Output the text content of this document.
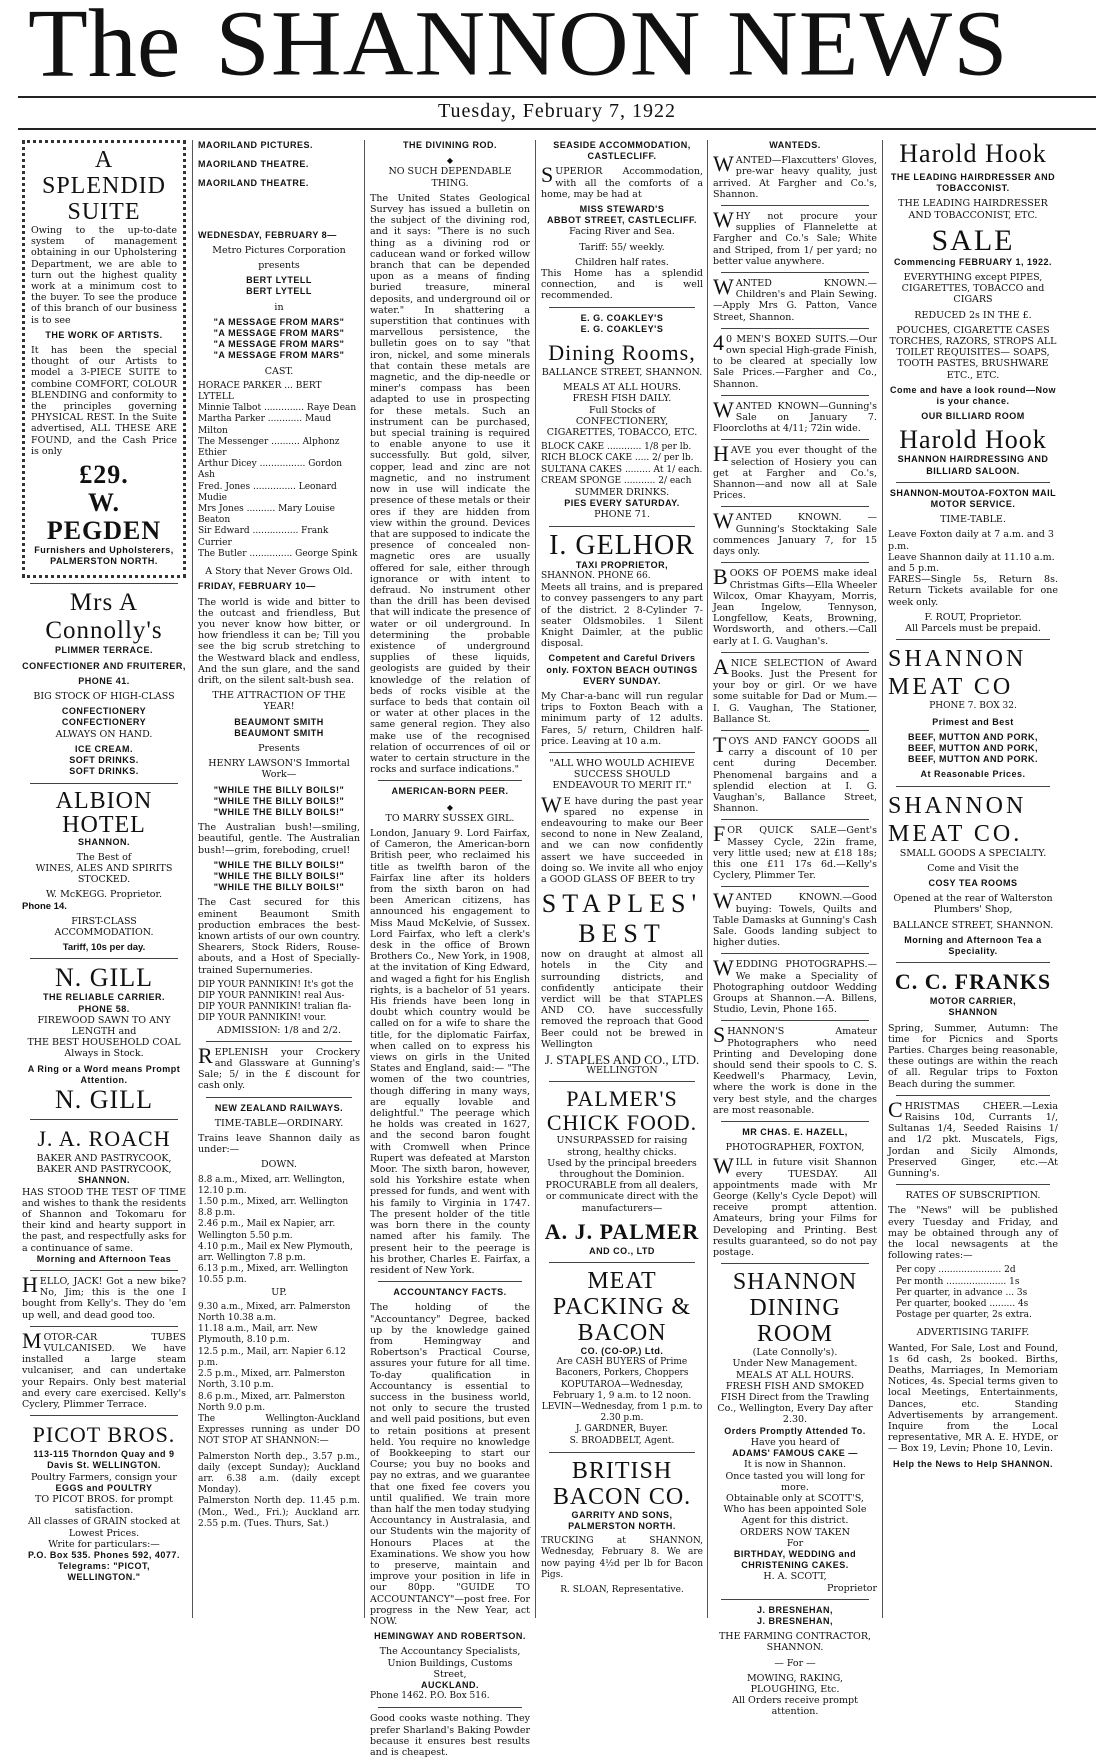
The SHANNON NEWS
Tuesday, February 7, 1922
A SPLENDID SUITE

Owing to the up-to-date system of management obtaining in our Upholstering Department, we are able to turn out the highest quality work at a minimum cost to the buyer. To see the produce of this branch of our business is to see

THE WORK OF ARTISTS.

It has been the special thought of our Artists to model a 3-PIECE SUITE to combine COMFORT, COLOUR BLENDING and conformity to the principles governing PHYSICAL REST. In the Suite advertised, ALL THESE ARE FOUND, and the Cash Price is only

£29.
W. PEGDEN

Furnishers and Upholsterers, PALMERSTON NORTH.

Mrs A Connolly's

PLIMMER TERRACE.

CONFECTIONER AND FRUITERER,

PHONE 41.

BIG STOCK OF HIGH-CLASS

CONFECTIONERY

CONFECTIONERY

ALWAYS ON HAND.

ICE CREAM.

SOFT DRINKS.

SOFT DRINKS.

ALBION
HOTEL

SHANNON.

The Best of

WINES, ALES AND SPIRITS STOCKED.

W. McKEGG. Proprietor.

Phone 14.

FIRST-CLASS ACCOMMODATION.

Tariff, 10s per day.

N. GILL

THE RELIABLE CARRIER.

PHONE 58.

FIREWOOD SAWN TO ANY LENGTH and

THE BEST HOUSEHOLD COAL Always in Stock.

A Ring or a Word means Prompt Attention.

N. GILL
J. A. ROACH

BAKER AND PASTRYCOOK,

BAKER AND PASTRYCOOK,

SHANNON.

HAS STOOD THE TEST OF TIME and wishes to thank the residents of Shannon and Tokomaru for their kind and hearty support in the past, and respectfully asks for a continuance of same.

Morning and Afternoon Teas

HELLO, JACK! Got a new bike? No, Jim; this is the one I bought from Kelly's. They do 'em up well, and dead good too.

MOTOR-CAR TUBES VULCANISED. We have installed a large steam vulcaniser, and can undertake your Repairs. Only best material and every care exercised. Kelly's Cyclery, Plimmer Terrace.

PICOT BROS.

113-115 Thorndon Quay and 9 Davis St. WELLINGTON.

Poultry Farmers, consign your

EGGS and POULTRY

TO PICOT BROS. for prompt satisfaction.

All classes of GRAIN stocked at Lowest Prices.

Write for particulars:—

P.O. Box 535. Phones 592, 4077.

Telegrams: "PICOT, WELLINGTON."

MAORILAND PICTURES.

MAORILAND THEATRE.

MAORILAND THEATRE.

WEDNESDAY, FEBRUARY 8—

Metro Pictures Corporation

presents

BERT LYTELL

BERT LYTELL

in

"A MESSAGE FROM MARS"

"A MESSAGE FROM MARS"

"A MESSAGE FROM MARS"

"A MESSAGE FROM MARS"

CAST.

HORACE PARKER ... BERT LYTELL
Minnie Talbot .............. Raye Dean
Martha Parker ............ Maud Milton
The Messenger .......... Alphonz Ethier
Arthur Dicey ................ Gordon Ash
Fred. Jones ............... Leonard Mudie
Mrs Jones .......... Mary Louise Beaton
Sir Edward ................ Frank Currier
The Butler ............... George Spink

A Story that Never Grows Old.

FRIDAY, FEBRUARY 10—

The world is wide and bitter to the outcast and friendless, But you never know how bitter, or how friendless it can be; Till you see the big scrub stretching to the Westward black and endless, And the sun glare, and the sand drift, on the silent salt-bush sea.

THE ATTRACTION OF THE YEAR!

BEAUMONT SMITH

BEAUMONT SMITH

Presents

HENRY LAWSON'S Immortal Work—

"WHILE THE BILLY BOILS!"

"WHILE THE BILLY BOILS!"

"WHILE THE BILLY BOILS!"

The Australian bush!—smiling, beautiful, gentle. The Australian bush!—grim, foreboding, cruel!

"WHILE THE BILLY BOILS!"

"WHILE THE BILLY BOILS!"

"WHILE THE BILLY BOILS!"

The Cast secured for this eminent Beaumont Smith production embraces the best-known artists of our own country. Shearers, Stock Riders, Rouse-abouts, and a Host of Specially-trained Supernumeries.

DIP YOUR PANNIKIN! It's got the
DIP YOUR PANNIKIN! real Aus-
DIP YOUR PANNIKIN! tralian fla-
DIP YOUR PANNIKIN! vour.

ADMISSION: 1/8 and 2/2.

REPLENISH your Crockery and Glassware at Gunning's Sale; 5/ in the £ discount for cash only.

NEW ZEALAND RAILWAYS.

TIME-TABLE—ORDINARY.

Trains leave Shannon daily as under:—

DOWN.

8.8 a.m., Mixed, arr. Wellington, 12.10 p.m.

1.50 p.m., Mixed, arr. Wellington 8.8 p.m.

2.46 p.m., Mail ex Napier, arr. Wellington 5.50 p.m.

4.10 p.m., Mail ex New Plymouth, arr. Wellington 7.8 p.m.

6.13 p.m., Mixed, arr. Wellington 10.55 p.m.

UP.

9.30 a.m., Mixed, arr. Palmerston North 10.38 a.m.

11.18 a.m., Mail, arr. New Plymouth, 8.10 p.m.

12.5 p.m., Mail, arr. Napier 6.12 p.m.

2.5 p.m., Mixed, arr. Palmerston North, 3.10 p.m.

8.6 p.m., Mixed, arr. Palmerston North 9.0 p.m.

The Wellington-Auckland Expresses running as under DO NOT STOP AT SHANNON:—

Palmerston North dep., 3.57 p.m., daily (except Sunday); Auckland arr. 6.38 a.m. (daily except Monday).

Palmerston North dep. 11.45 p.m. (Mon., Wed., Fri.); Auckland arr. 2.55 p.m. (Tues. Thurs, Sat.)

THE DIVINING ROD.

◆

NO SUCH DEPENDABLE THING.

The United States Geological Survey has issued a bulletin on the subject of the divining rod, and it says: "There is no such thing as a divining rod or caducean wand or forked willow branch that can be depended upon as a means of finding buried treasure, mineral deposits, and underground oil or water." In shattering a superstition that continues with marvellous persistence, the bulletin goes on to say "that iron, nickel, and some minerals that contain these metals are magnetic, and the dip-needle or miner's compass has been adapted to use in prospecting for these metals. Such an instrument can be purchased, but special training is required to enable anyone to use it successfully. But gold, silver, copper, lead and zinc are not magnetic, and no instrument now in use will indicate the presence of these metals or their ores if they are hidden from view within the ground. Devices that are supposed to indicate the presence of concealed non-magnetic ores are usually offered for sale, either through ignorance or with intent to defraud. No instrument other than the drill has been devised that will indicate the presence of water or oil underground. In determining the probable existence of underground supplies of these liquids, geologists are guided by their knowledge of the relation of beds of rocks visible at the surface to beds that contain oil or water at other places in the same general region. They also make use of the recognised relation of occurrences of oil or water to certain structure in the rocks and surface indications."

AMERICAN-BORN PEER.

◆

TO MARRY SUSSEX GIRL.

London, January 9. Lord Fairfax, of Cameron, the American-born British peer, who reclaimed his title as twelfth baron of the Fairfax line after its holders from the sixth baron on had been American citizens, has announced his engagement to Miss Maud McKelvie, of Sussex. Lord Fairfax, who left a clerk's desk in the office of Brown Brothers Co., New York, in 1908, at the invitation of King Edward, and waged a fight for his English rights, is a bachelor of 51 years. His friends have been long in doubt which country would be called on for a wife to share the title, for the diplomatic Fairfax, when called on to express his views on girls in the United States and England, said:— "The women of the two countries, though differing in many ways, are equally lovable and delightful." The peerage which he holds was created in 1627, and the second baron fought with Cromwell when Prince Rupert was defeated at Marston Moor. The sixth baron, however, sold his Yorkshire estate when pressed for funds, and went with his family to Virginia in 1747. The present holder of the title was born there in the county named after his family. The present heir to the peerage is his brother, Charles E. Fairfax, a resident of New York.

ACCOUNTANCY FACTS.

The holding of the "Accountancy" Degree, backed up by the knowledge gained from Hemingway and Robertson's Practical Course, assures your future for all time. To-day qualification in Accountancy is essential to success in the business world, not only to secure the trusted and well paid positions, but even to retain positions at present held. You require no knowledge of Bookkeeping to start our Course; you buy no books and pay no extras, and we guarantee that one fixed fee covers you until qualified. We train more than half the men today studying Accountancy in Australasia, and our Students win the majority of Honours Places at the Examinations. We show you how to preserve, maintain and improve your position in life in our 80pp. "GUIDE TO ACCOUNTANCY"—post free. For progress in the New Year, act NOW.

HEMINGWAY AND ROBERTSON.

The Accountancy Specialists,

Union Buildings, Customs Street,

AUCKLAND.

Phone 1462. P.O. Box 516.

Good cooks waste nothing. They prefer Sharland's Baking Powder because it ensures best results and is cheapest.

SEASIDE ACCOMMODATION, CASTLECLIFF.

SUPERIOR Accommodation, with all the comforts of a home, may be had at

MISS STEWARD'S

ABBOT STREET, CASTLECLIFF.

Facing River and Sea.

Tariff: 55/ weekly.

Children half rates.

This Home has a splendid connection, and is well recommended.

E. G. COAKLEY'S

E. G. COAKLEY'S

Dining Rooms,

BALLANCE STREET, SHANNON.

MEALS AT ALL HOURS.

FRESH FISH DAILY.

Full Stocks of

CONFECTIONERY, CIGARETTES, TOBACCO, ETC.

BLOCK CAKE ............ 1/8 per lb.
RICH BLOCK CAKE ..... 2/ per lb.
SULTANA CAKES ......... At 1/ each.
CREAM SPONGE ........... 2/ each

SUMMER DRINKS.

PIES EVERY SATURDAY.

PHONE 71.

I. GELHOR

TAXI PROPRIETOR,

SHANNON. PHONE 66.

Meets all trains, and is prepared to convey passengers to any part of the district. 2 8-Cylinder 7-seater Oldsmobiles. 1 Silent Knight Daimler, at the public disposal.

Competent and Careful Drivers only. FOXTON BEACH OUTINGS EVERY SUNDAY.

My Char-a-banc will run regular trips to Foxton Beach with a minimum party of 12 adults. Fares, 5/ return, Children half-price. Leaving at 10 a.m.

"ALL WHO WOULD ACHIEVE SUCCESS SHOULD ENDEAVOUR TO MERIT IT."

WE have during the past year spared no expense in endeavouring to make our Beer second to none in New Zealand, and we can now confidently assert we have succeeded in doing so. We invite all who enjoy a GOOD GLASS OF BEER to try

STAPLES' BEST

now on draught at almost all hotels in the City and surrounding districts, and confidently anticipate their verdict will be that STAPLES AND CO. have successfully removed the reproach that Good Beer could not be brewed in Wellington

J. STAPLES AND CO., LTD.

WELLINGTON

PALMER'S CHICK FOOD.

UNSURPASSED for raising strong, healthy chicks.

Used by the principal breeders throughout the Dominion.

PROCURABLE from all dealers, or communicate direct with the manufacturers—

A. J. PALMER

AND CO., LTD

MEAT PACKING & BACON

CO. (CO-OP.) Ltd.

Are CASH BUYERS of Prime Baconers, Porkers, Choppers

KOPUTAROA—Wednesday, February 1, 9 a.m. to 12 noon.

LEVIN—Wednesday, from 1 p.m. to 2.30 p.m.

J. GARDNER, Buyer.

S. BROADBELT, Agent.

BRITISH BACON CO.

GARRITY AND SONS,

PALMERSTON NORTH.

TRUCKING at SHANNON, Wednesday, February 8. We are now paying 4½d per lb for Bacon Pigs.

R. SLOAN, Representative.

WANTEDS.

WANTED—Flaxcutters' Gloves, pre-war heavy quality, just arrived. At Fargher and Co.'s, Shannon.

WHY not procure your supplies of Flannelette at Fargher and Co.'s Sale; White and Striped, from 1/ per yard; no better value anywhere.

WANTED KNOWN.—Children's and Plain Sewing.—Apply Mrs G. Patton, Vance Street, Shannon.

40 MEN'S BOXED SUITS.—Our own special High-grade Finish, to be cleared at specially low Sale Prices.—Fargher and Co., Shannon.

WANTED KNOWN—Gunning's Sale on January 7. Floorcloths at 4/11; 72in wide.

HAVE you ever thought of the selection of Hosiery you can get at Fargher and Co.'s, Shannon—and now all at Sale Prices.

WANTED KNOWN. — Gunning's Stocktaking Sale commences January 7, for 15 days only.

BOOKS OF POEMS make ideal Christmas Gifts—Ella Wheeler Wilcox, Omar Khayyam, Morris, Jean Ingelow, Tennyson, Longfellow, Keats, Browning, Wordsworth, and others.—Call early at I. G. Vaughan's.

ANICE SELECTION of Award Books. Just the Present for your boy or girl. Or we have some suitable for Dad or Mum.—I. G. Vaughan, The Stationer, Ballance St.

TOYS AND FANCY GOODS all carry a discount of 10 per cent during December. Phenomenal bargains and a splendid election at I. G. Vaughan's, Ballance Street, Shannon.

FOR QUICK SALE—Gent's Massey Cycle, 22in frame, very little used; new at £18 18s; this one £11 17s 6d.—Kelly's Cyclery, Plimmer Ter.

WANTED KNOWN.—Good buying: Towels, Quilts and Table Damasks at Gunning's Cash Sale. Goods landing subject to higher duties.

WEDDING PHOTOGRAPHS.—We make a Speciality of Photographing outdoor Wedding Groups at Shannon.—A. Billens, Studio, Levin, Phone 165.

SHANNON'S Amateur Photographers who need Printing and Developing done should send their spools to C. S. Keedwell's Pharmacy, Levin, where the work is done in the very best style, and the charges are most reasonable.

MR CHAS. E. HAZELL,

PHOTOGRAPHER, FOXTON,

WILL in future visit Shannon every TUESDAY. All appointments made with Mr George (Kelly's Cycle Depot) will receive prompt attention. Amateurs, bring your Films for Developing and Printing. Best results guaranteed, so do not pay postage.

SHANNON DINING ROOM

(Late Connolly's).

Under New Management.

MEALS AT ALL HOURS.

FRESH FISH AND SMOKED FISH Direct from the Trawling Co., Wellington, Every Day after 2.30.

Orders Promptly Attended To.

Have you heard of

ADAMS' FAMOUS CAKE —

It is now in Shannon.

Once tasted you will long for more.

Obtainable only at SCOTT'S,

Who has been appointed Sole Agent for this district.

ORDERS NOW TAKEN

For

BIRTHDAY, WEDDING and CHRISTENING CAKES.

H. A. SCOTT,

Proprietor

J. BRESNEHAN,

J. BRESNEHAN,

THE FARMING CONTRACTOR, SHANNON.

— For —

MOWING, RAKING, PLOUGHING, Etc.

All Orders receive prompt attention.

Harold Hook

THE LEADING HAIRDRESSER AND TOBACCONIST.

THE LEADING HAIRDRESSER AND TOBACCONIST, ETC.

SALE

Commencing FEBRUARY 1, 1922.

EVERYTHING except PIPES, CIGARETTES, TOBACCO and CIGARS

REDUCED 2s IN THE £.

POUCHES, CIGARETTE CASES TORCHES, RAZORS, STROPS ALL TOILET REQUISITES— SOAPS, TOOTH PASTES, BRUSHWARE ETC., ETC.

Come and have a look round—Now is your chance.

OUR BILLIARD ROOM

Harold Hook

SHANNON HAIRDRESSING AND BILLIARD SALOON.

SHANNON-MOUTOA-FOXTON MAIL MOTOR SERVICE.

TIME-TABLE.

Leave Foxton daily at 7 a.m. and 3 p.m.

Leave Shannon daily at 11.10 a.m. and 5 p.m.

FARES—Single 5s, Return 8s. Return Tickets available for one week only.

F. ROUT, Proprietor.

All Parcels must be prepaid.

SHANNON MEAT CO

PHONE 7. BOX 32.

Primest and Best

BEEF, MUTTON AND PORK,

BEEF, MUTTON AND PORK,

BEEF, MUTTON AND PORK.

At Reasonable Prices.

SHANNON MEAT CO.

SMALL GOODS A SPECIALTY.

Come and Visit the

COSY TEA ROOMS

Opened at the rear of Walterston Plumbers' Shop,

BALLANCE STREET, SHANNON.

Morning and Afternoon Tea a Speciality.

C. C. FRANKS

MOTOR CARRIER,

SHANNON

Spring, Summer, Autumn: The time for Picnics and Sports Parties. Charges being reasonable, these outings are within the reach of all. Regular trips to Foxton Beach during the summer.

CHRISTMAS CHEER.—Lexia Raisins 10d, Currants 1/, Sultanas 1/4, Seeded Raisins 1/ and 1/2 pkt. Muscatels, Figs, Jordan and Sicily Almonds, Preserved Ginger, etc.—At Gunning's.

RATES OF SUBSCRIPTION.

The "News" will be published every Tuesday and Friday, and may be obtained through any of the local newsagents at the following rates:—

Per copy ...................... 2d
Per month ..................... 1s
Per quarter, in advance ... 3s
Per quarter, booked ......... 4s
Postage per quarter, 2s extra.

ADVERTISING TARIFF.

Wanted, For Sale, Lost and Found, 1s 6d cash, 2s booked. Births, Deaths, Marriages, In Memoriam Notices, 4s. Special terms given to local Meetings, Entertainments, Dances, etc. Standing Advertisements by arrangement. Inquire from the Local representative, MR A. E. HYDE, or— Box 19, Levin; Phone 10, Levin.

Help the News to Help SHANNON.
